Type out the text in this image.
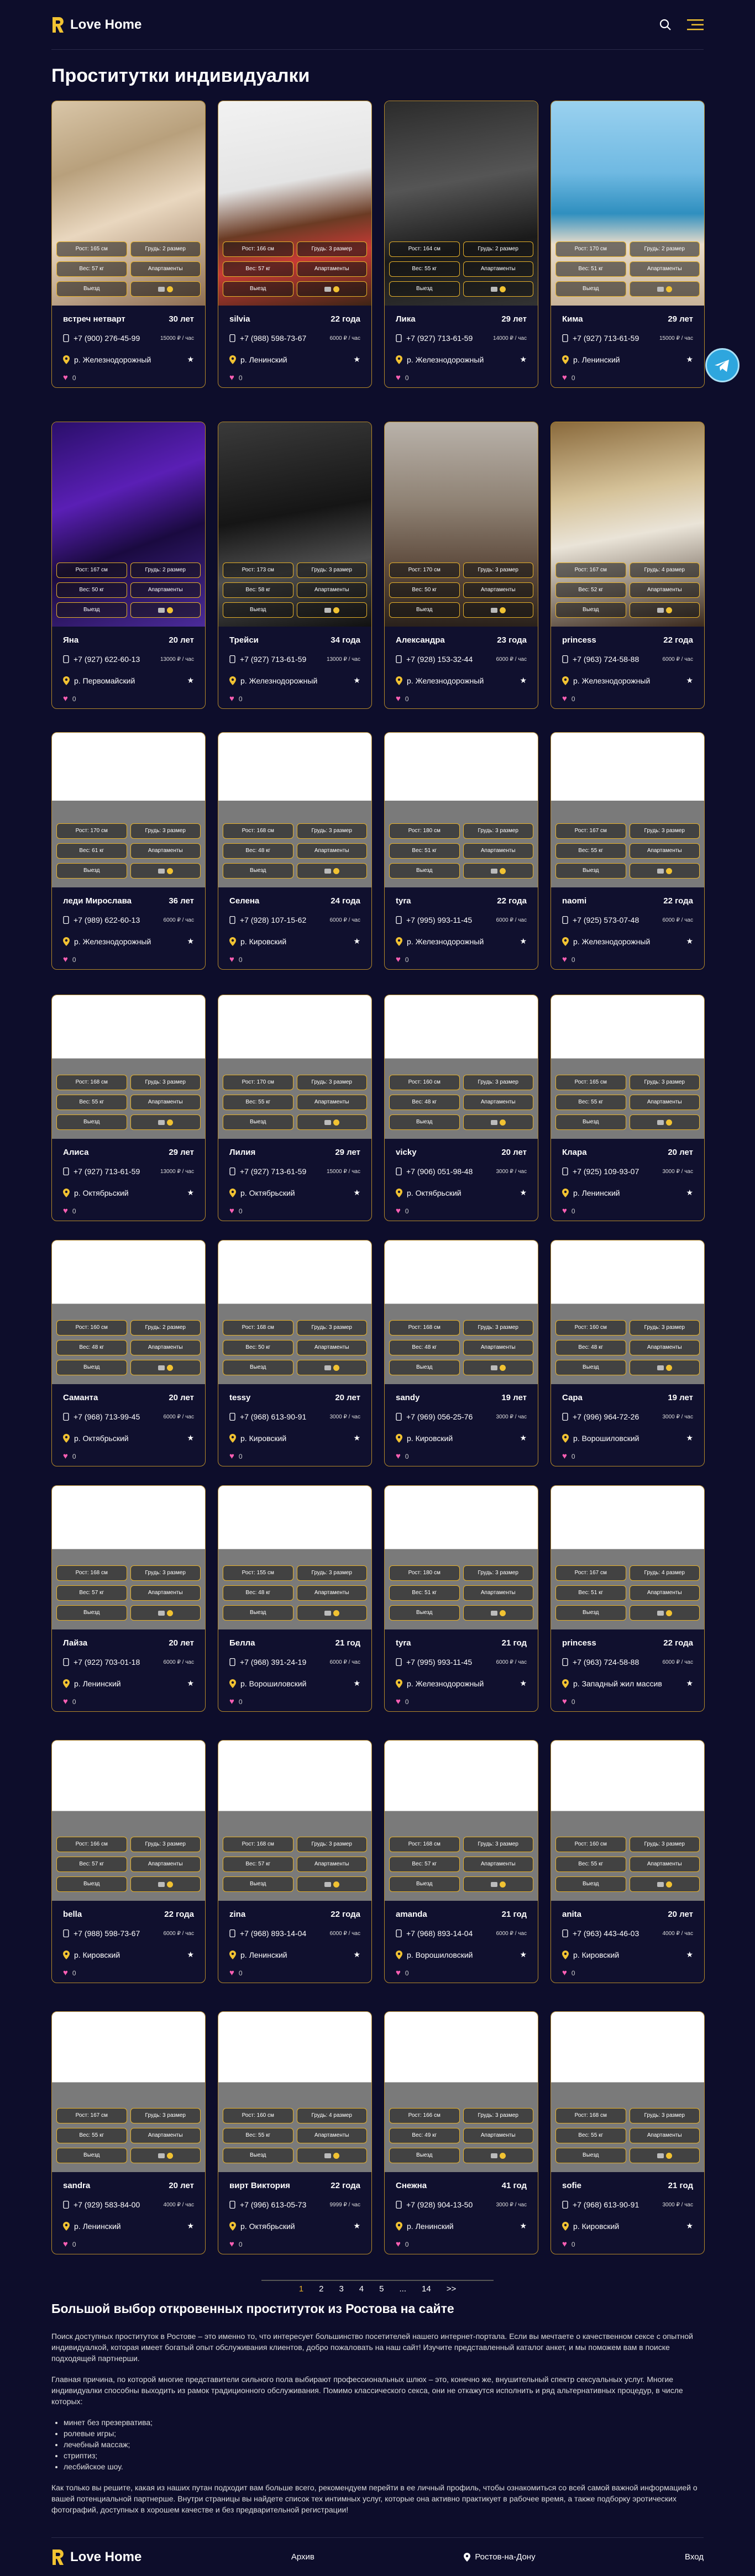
Love Home
Проститутки индивидуалки
Рост: 165 см	Грудь: 2 размер
Вес: 57 кг	Апартаменты
Выезд
встреч нетварт	30 лет
+7 (900) 276-45-99	15000 ₽ / час
р. Железнодорожный	★
♥ 0
Рост: 166 см	Грудь: 3 размер
Вес: 57 кг	Апартаменты
Выезд
silvia	22 года
+7 (988) 598-73-67	6000 ₽ / час
р. Ленинский	★
♥ 0
Рост: 164 см	Грудь: 2 размер
Вес: 55 кг	Апартаменты
Выезд
Лика	29 лет
+7 (927) 713-61-59	14000 ₽ / час
р. Железнодорожный	★
♥ 0
Рост: 170 см	Грудь: 2 размер
Вес: 51 кг	Апартаменты
Выезд
Кима	29 лет
+7 (927) 713-61-59	15000 ₽ / час
р. Ленинский	★
♥ 0
Рост: 167 см	Грудь: 2 размер
Вес: 50 кг	Апартаменты
Выезд
Яна	20 лет
+7 (927) 622-60-13	13000 ₽ / час
р. Первомайский	★
♥ 0
Рост: 173 см	Грудь: 3 размер
Вес: 58 кг	Апартаменты
Выезд
Трейси	34 года
+7 (927) 713-61-59	13000 ₽ / час
р. Железнодорожный	★
♥ 0
Рост: 170 см	Грудь: 3 размер
Вес: 50 кг	Апартаменты
Выезд
Александра	23 года
+7 (928) 153-32-44	6000 ₽ / час
р. Железнодорожный	★
♥ 0
Рост: 167 см	Грудь: 4 размер
Вес: 52 кг	Апартаменты
Выезд
princess	22 года
+7 (963) 724-58-88	6000 ₽ / час
р. Железнодорожный	★
♥ 0
Рост: 170 см	Грудь: 3 размер
Вес: 61 кг	Апартаменты
Выезд
леди Мирослава	36 лет
+7 (989) 622-60-13	6000 ₽ / час
р. Железнодорожный	★
♥ 0
Рост: 168 см	Грудь: 3 размер
Вес: 48 кг	Апартаменты
Выезд
Селена	24 года
+7 (928) 107-15-62	6000 ₽ / час
р. Кировский	★
♥ 0
Рост: 180 см	Грудь: 3 размер
Вес: 51 кг	Апартаменты
Выезд
tyra	22 года
+7 (995) 993-11-45	6000 ₽ / час
р. Железнодорожный	★
♥ 0
Рост: 167 см	Грудь: 3 размер
Вес: 55 кг	Апартаменты
Выезд
naomi	22 года
+7 (925) 573-07-48	6000 ₽ / час
р. Железнодорожный	★
♥ 0
Рост: 168 см	Грудь: 3 размер
Вес: 55 кг	Апартаменты
Выезд
Алиса	29 лет
+7 (927) 713-61-59	13000 ₽ / час
р. Октябрьский	★
♥ 0
Рост: 170 см	Грудь: 3 размер
Вес: 55 кг	Апартаменты
Выезд
Лилия	29 лет
+7 (927) 713-61-59	15000 ₽ / час
р. Октябрьский	★
♥ 0
Рост: 160 см	Грудь: 3 размер
Вес: 48 кг	Апартаменты
Выезд
vicky	20 лет
+7 (906) 051-98-48	3000 ₽ / час
р. Октябрьский	★
♥ 0
Рост: 165 см	Грудь: 3 размер
Вес: 55 кг	Апартаменты
Выезд
Клара	20 лет
+7 (925) 109-93-07	3000 ₽ / час
р. Ленинский	★
♥ 0
Рост: 160 см	Грудь: 2 размер
Вес: 48 кг	Апартаменты
Выезд
Саманта	20 лет
+7 (968) 713-99-45	6000 ₽ / час
р. Октябрьский	★
♥ 0
Рост: 168 см	Грудь: 3 размер
Вес: 50 кг	Апартаменты
Выезд
tessy	20 лет
+7 (968) 613-90-91	3000 ₽ / час
р. Кировский	★
♥ 0
Рост: 168 см	Грудь: 3 размер
Вес: 48 кг	Апартаменты
Выезд
sandy	19 лет
+7 (969) 056-25-76	3000 ₽ / час
р. Кировский	★
♥ 0
Рост: 160 см	Грудь: 3 размер
Вес: 48 кг	Апартаменты
Выезд
Сара	19 лет
+7 (996) 964-72-26	3000 ₽ / час
р. Ворошиловский	★
♥ 0
Рост: 168 см	Грудь: 3 размер
Вес: 57 кг	Апартаменты
Выезд
Лайза	20 лет
+7 (922) 703-01-18	6000 ₽ / час
р. Ленинский	★
♥ 0
Рост: 155 см	Грудь: 3 размер
Вес: 48 кг	Апартаменты
Выезд
Белла	21 год
+7 (968) 391-24-19	6000 ₽ / час
р. Ворошиловский	★
♥ 0
Рост: 180 см	Грудь: 3 размер
Вес: 51 кг	Апартаменты
Выезд
tyra	21 год
+7 (995) 993-11-45	6000 ₽ / час
р. Железнодорожный	★
♥ 0
Рост: 167 см	Грудь: 4 размер
Вес: 51 кг	Апартаменты
Выезд
princess	22 года
+7 (963) 724-58-88	6000 ₽ / час
р. Западный жил массив	★
♥ 0
Рост: 166 см	Грудь: 3 размер
Вес: 57 кг	Апартаменты
Выезд
bella	22 года
+7 (988) 598-73-67	6000 ₽ / час
р. Кировский	★
♥ 0
Рост: 168 см	Грудь: 3 размер
Вес: 57 кг	Апартаменты
Выезд
zina	22 года
+7 (968) 893-14-04	6000 ₽ / час
р. Ленинский	★
♥ 0
Рост: 168 см	Грудь: 3 размер
Вес: 57 кг	Апартаменты
Выезд
amanda	21 год
+7 (968) 893-14-04	6000 ₽ / час
р. Ворошиловский	★
♥ 0
Рост: 160 см	Грудь: 3 размер
Вес: 55 кг	Апартаменты
Выезд
anita	20 лет
+7 (963) 443-46-03	4000 ₽ / час
р. Кировский	★
♥ 0
Рост: 167 см	Грудь: 3 размер
Вес: 55 кг	Апартаменты
Выезд
sandra	20 лет
+7 (929) 583-84-00	4000 ₽ / час
р. Ленинский	★
♥ 0
Рост: 160 см	Грудь: 4 размер
Вес: 55 кг	Апартаменты
Выезд
вирт Виктория	22 года
+7 (996) 613-05-73	9999 ₽ / час
р. Октябрьский	★
♥ 0
Рост: 166 см	Грудь: 3 размер
Вес: 49 кг	Апартаменты
Выезд
Снежна	41 год
+7 (928) 904-13-50	3000 ₽ / час
р. Ленинский	★
♥ 0
Рост: 168 см	Грудь: 3 размер
Вес: 55 кг	Апартаменты
Выезд
sofie	21 год
+7 (968) 613-90-91	3000 ₽ / час
р. Кировский	★
♥ 0
1 2 3 4 5 ... 14 >>
Большой выбор откровенных проституток из Ростова на сайте

Поиск доступных проституток в Ростове – это именно то, что интересует большинство посетителей нашего интернет-портала. Если вы мечтаете о качественном сексе с опытной индивидуалкой, которая имеет богатый опыт обслуживания клиентов, добро пожаловать на наш сайт! Изучите представленный каталог анкет, и мы поможем вам в поиске подходящей партнерши.

Главная причина, по которой многие представители сильного пола выбирают профессиональных шлюх – это, конечно же, внушительный спектр сексуальных услуг. Многие индивидуалки способны выходить из рамок традиционного обслуживания. Помимо классического секса, они не откажутся исполнить и ряд альтернативных процедур, в числе которых:

• минет без презерватива;
• ролевые игры;
• лечебный массаж;
• стриптиз;
• лесбийское шоу.

Как только вы решите, какая из наших путан подходит вам больше всего, рекомендуем перейти в ее личный профиль, чтобы ознакомиться со всей самой важной информацией о вашей потенциальной партнерше. Внутри страницы вы найдете список тех интимных услуг, которые она активно практикует в рабочее время, а также подборку эротических фотографий, доступных в хорошем качестве и без предварительной регистрации!

Love Home	Архив	Ростов-на-Дону	Вход
